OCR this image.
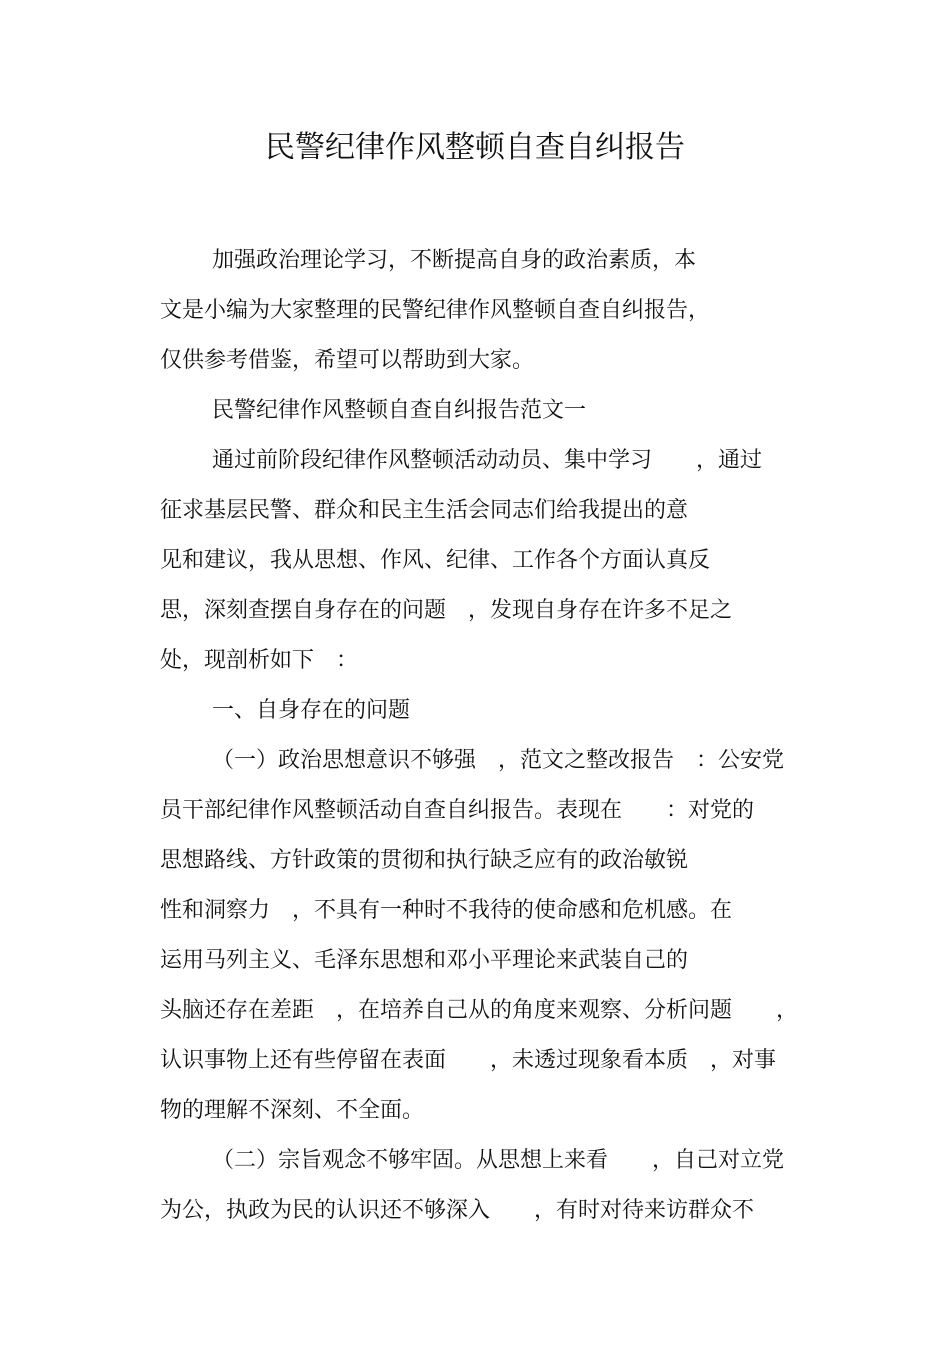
民警纪律作风整顿自查自纠报告
加强政治理论学习，不断提高自身的政治素质，本
文是小编为大家整理的民警纪律作风整顿自查自纠报告，
仅供参考借鉴，希望可以帮助到大家。
民警纪律作风整顿自查自纠报告范文一
通过前阶段纪律作风整顿活动动员、集中学习　　，通过
征求基层民警、群众和民主生活会同志们给我提出的意
见和建议，我从思想、作风、纪律、工作各个方面认真反
思，深刻查摆自身存在的问题　，发现自身存在许多不足之
处，现剖析如下　：
一、自身存在的问题
（一）政治思想意识不够强　，范文之整改报告　：公安党
员干部纪律作风整顿活动自查自纠报告。表现在　　：对党的
思想路线、方针政策的贯彻和执行缺乏应有的政治敏锐
性和洞察力　，不具有一种时不我待的使命感和危机感。在
运用马列主义、毛泽东思想和邓小平理论来武装自己的
头脑还存在差距　，在培养自己从的角度来观察、分析问题　　，
认识事物上还有些停留在表面　　，未透过现象看本质　，对事
物的理解不深刻、不全面。
（二）宗旨观念不够牢固。从思想上来看　　，自己对立党
为公，执政为民的认识还不够深入　　，有时对待来访群众不
